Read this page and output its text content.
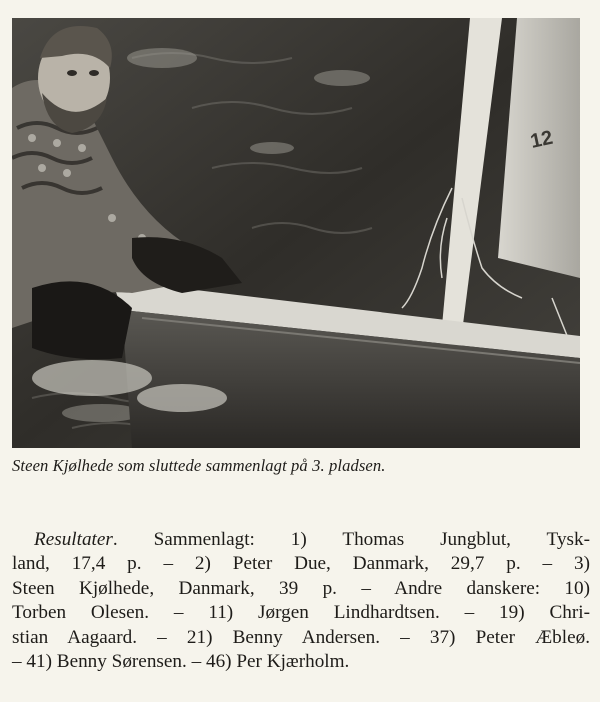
12
Steen Kjølhede som sluttede sammenlagt på 3. pladsen.

Resultater. Sammenlagt: 1) Thomas Jungblut, Tysk-
land, 17,4 p. – 2) Peter Due, Danmark, 29,7 p. – 3)
Steen Kjølhede, Danmark, 39 p. – Andre danskere: 10)
Torben Olesen. – 11) Jørgen Lindhardtsen. – 19) Chri-
stian Aagaard. – 21) Benny Andersen. – 37) Peter Æbleø.
– 41) Benny Sørensen. – 46) Per Kjærholm.
